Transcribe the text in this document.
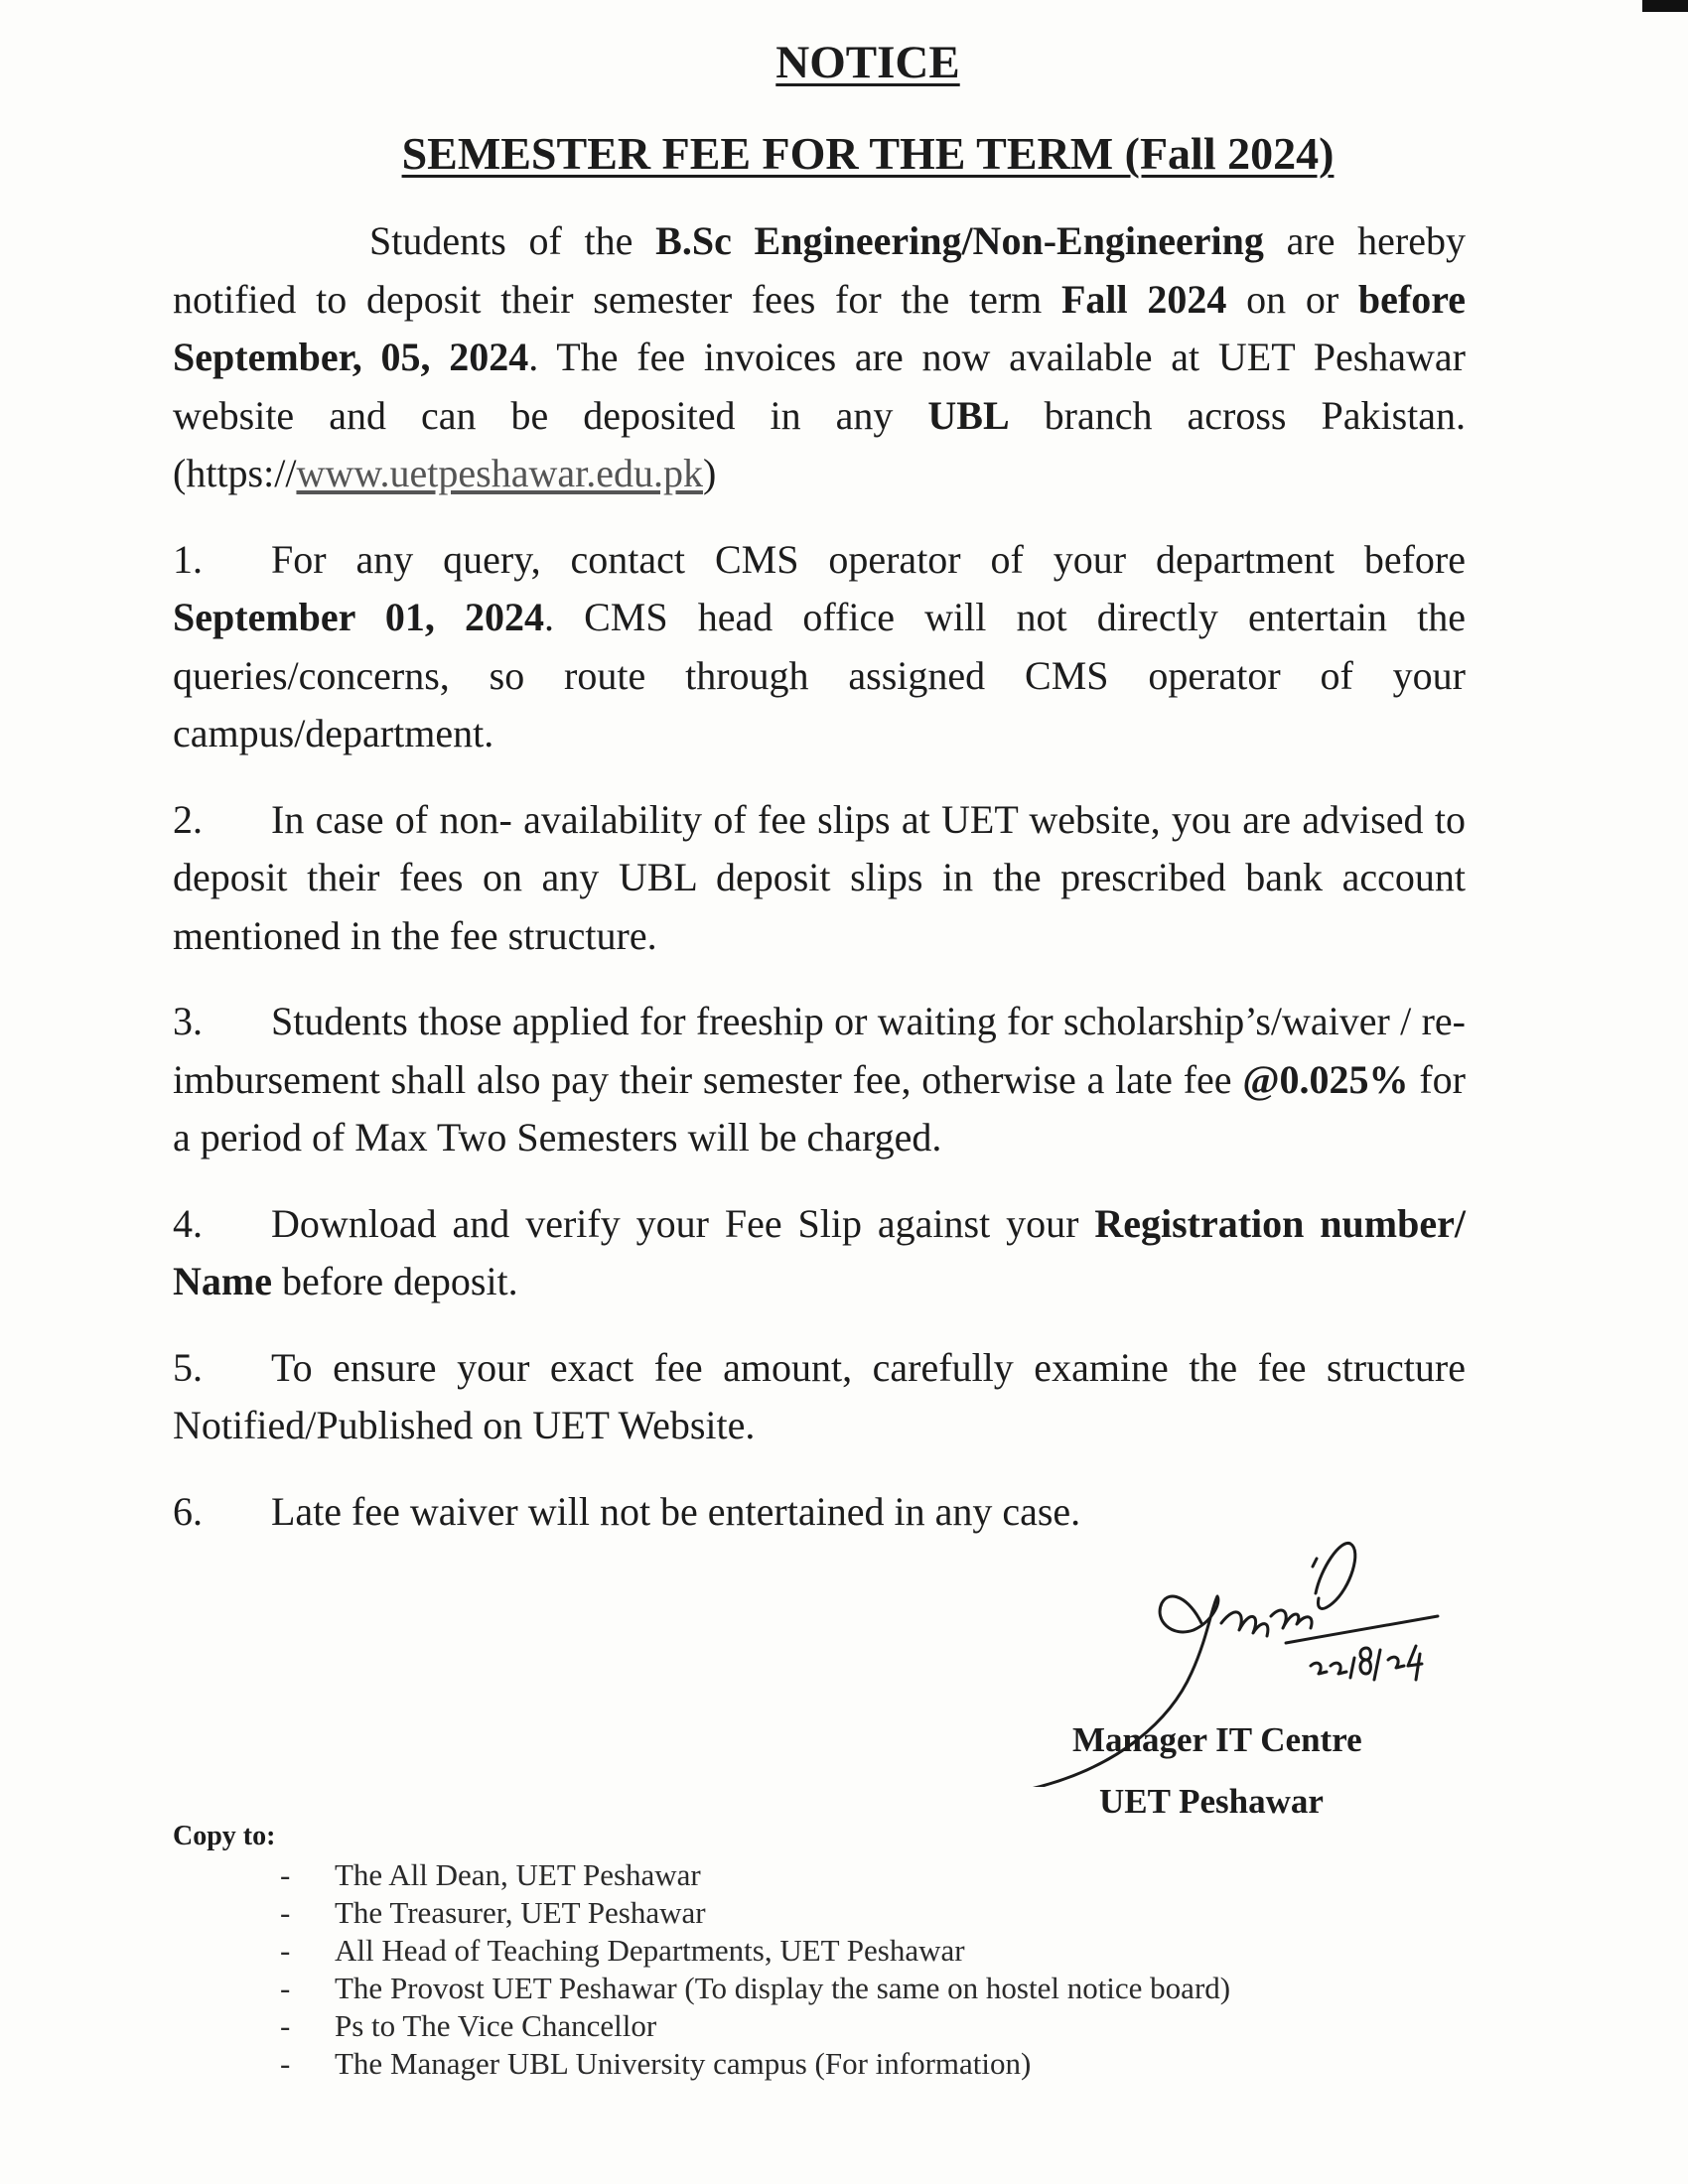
NOTICE
SEMESTER FEE FOR THE TERM (Fall 2024)

Students of the B.Sc Engineering/Non-Engineering are hereby notified to deposit their semester fees for the term Fall 2024 on or before September, 05, 2024. The fee invoices are now available at UET Peshawar website and can be deposited in any UBL branch across Pakistan. (https://www.uetpeshawar.edu.pk)

1. For any query, contact CMS operator of your department before September 01, 2024. CMS head office will not directly entertain the queries/concerns, so route through assigned CMS operator of your campus/department.

2. In case of non- availability of fee slips at UET website, you are advised to deposit their fees on any UBL deposit slips in the prescribed bank account mentioned in the fee structure.

3. Students those applied for freeship or waiting for scholarship’s/waiver / re-imbursement shall also pay their semester fee, otherwise a late fee @0.025% for a period of Max Two Semesters will be charged.

4. Download and verify your Fee Slip against your Registration number/ Name before deposit.

5. To ensure your exact fee amount, carefully examine the fee structure Notified/Published on UET Website.

6. Late fee waiver will not be entertained in any case.

22/8/24
Manager IT Centre
UET Peshawar
Copy to:
- The All Dean, UET Peshawar
- The Treasurer, UET Peshawar
- All Head of Teaching Departments, UET Peshawar
- The Provost UET Peshawar (To display the same on hostel notice board)
- Ps to The Vice Chancellor
- The Manager UBL University campus (For information)
